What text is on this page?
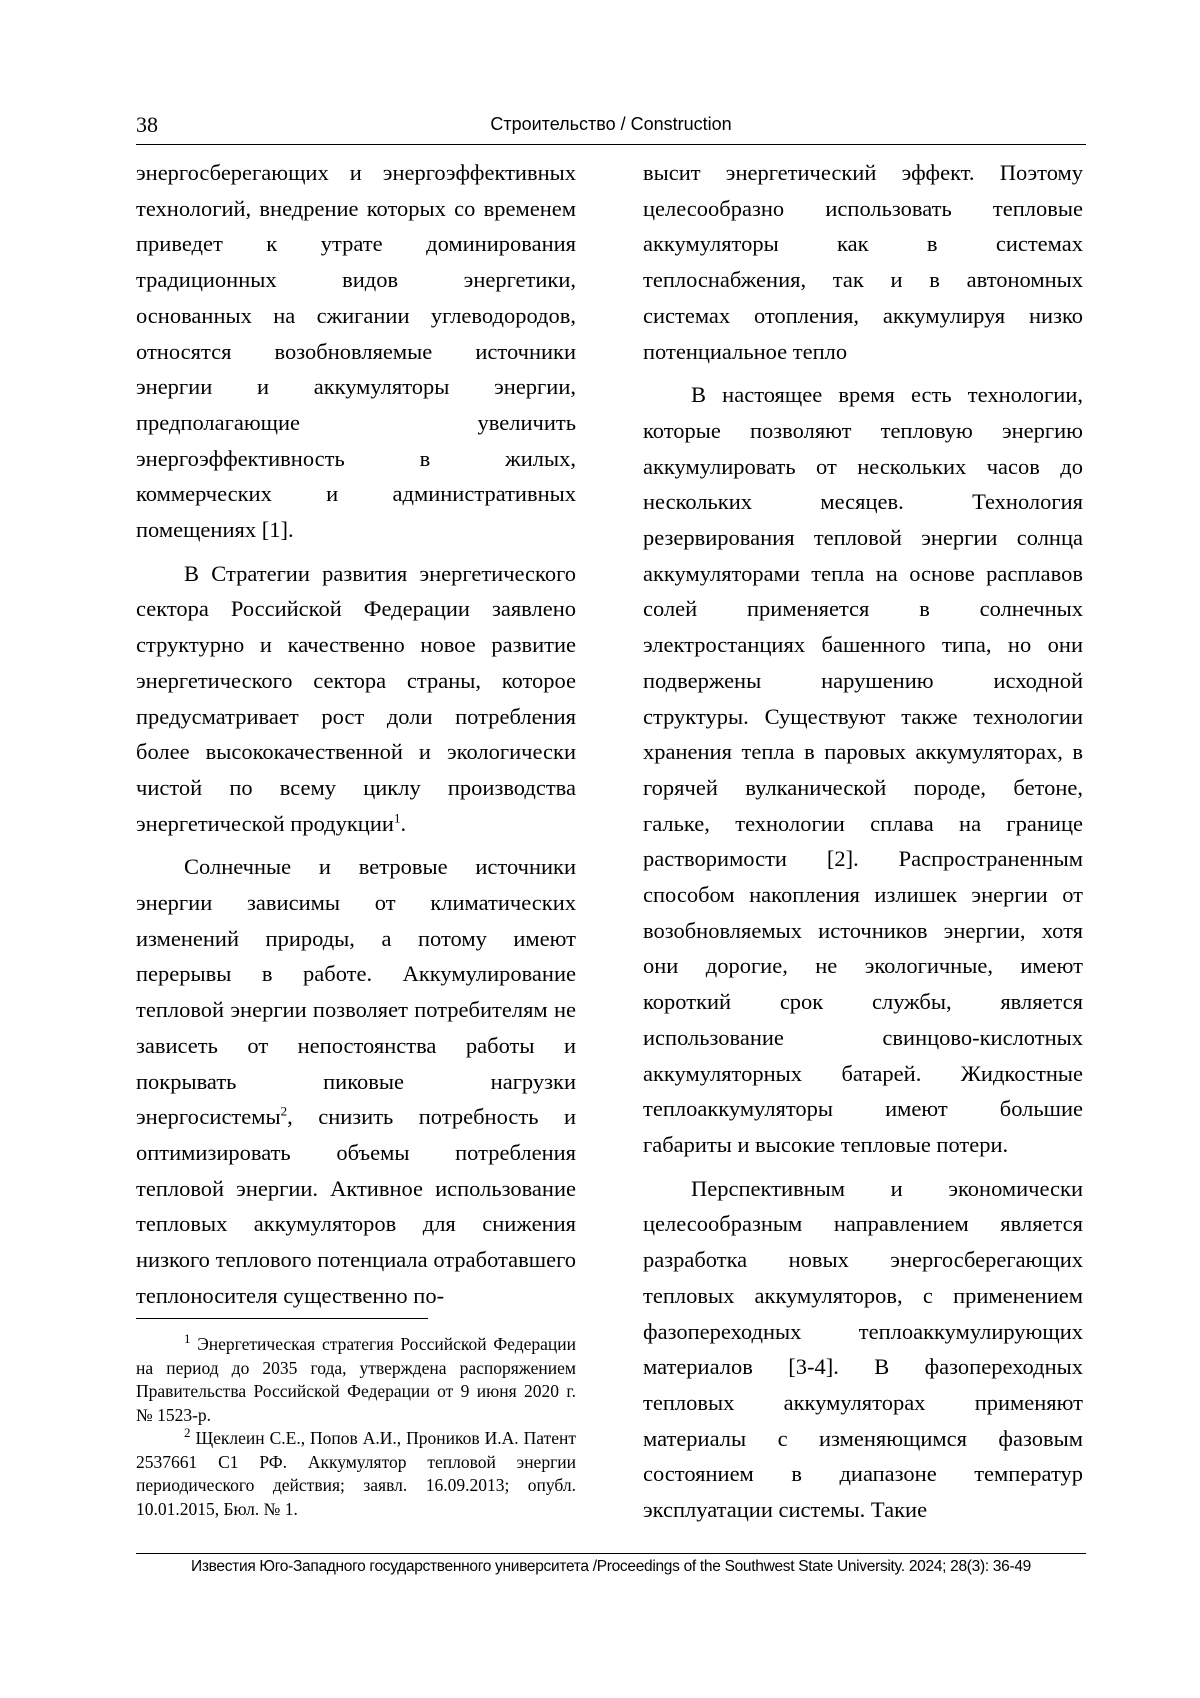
38	Строительство / Construction

энергосберегающих и энергоэффективных технологий, внедрение которых со временем приведет к утрате доминирования традиционных видов энергетики, основанных на сжигании углеводородов, относятся возобновляемые источники энергии и аккумуляторы энергии, предполагающие увеличить энергоэффективность в жилых, коммерческих и административных помещениях [1].

В Стратегии развития энергетического сектора Российской Федерации заявлено структурно и качественно новое развитие энергетического сектора страны, которое предусматривает рост доли потребления более высококачественной и экологически чистой по всему циклу производства энергетической продукции$^1$.

Солнечные и ветровые источники энергии зависимы от климатических изменений природы, а потому имеют перерывы в работе. Аккумулирование тепловой энергии позволяет потребителям не зависеть от непостоянства работы и покрывать пиковые нагрузки энергосистемы$^2$, снизить потребность и оптимизировать объемы потребления тепловой энергии. Активное использование тепловых аккумуляторов для снижения низкого теплового потенциала отработавшего теплоносителя существенно по-

высит энергетический эффект. Поэтому целесообразно использовать тепловые аккумуляторы как в системах теплоснабжения, так и в автономных системах отопления, аккумулируя низко потенциальное тепло

В настоящее время есть технологии, которые позволяют тепловую энергию аккумулировать от нескольких часов до нескольких месяцев. Технология резервирования тепловой энергии солнца аккумуляторами тепла на основе расплавов солей применяется в солнечных электростанциях башенного типа, но они подвержены нарушению исходной структуры. Существуют также технологии хранения тепла в паровых аккумуляторах, в горячей вулканической породе, бетоне, гальке, технологии сплава на границе растворимости [2]. Распространенным способом накопления излишек энергии от возобновляемых источников энергии, хотя они дорогие, не экологичные, имеют короткий срок службы, является использование свинцово-кислотных аккумуляторных батарей. Жидкостные теплоаккумуляторы имеют большие габариты и высокие тепловые потери.

Перспективным и экономически целесообразным направлением является разработка новых энергосберегающих тепловых аккумуляторов, с применением фазопереходных теплоаккумулирующих материалов [3-4]. В фазопереходных тепловых аккумуляторах применяют материалы с изменяющимся фазовым состоянием в диапазоне температур эксплуатации системы. Такие

$^1$ Энергетическая стратегия Российской Федерации на период до 2035 года, утверждена распоряжением Правительства Российской Федерации от 9 июня 2020 г. № 1523-р.

$^2$ Щеклеин С.Е., Попов А.И., Проников И.А. Патент 2537661 С1 РФ. Аккумулятор тепловой энергии периодического действия; заявл. 16.09.2013; опубл. 10.01.2015, Бюл. № 1.

Известия Юго-Западного государственного университета /Proceedings of the Southwest State University. 2024; 28(3): 36-49
